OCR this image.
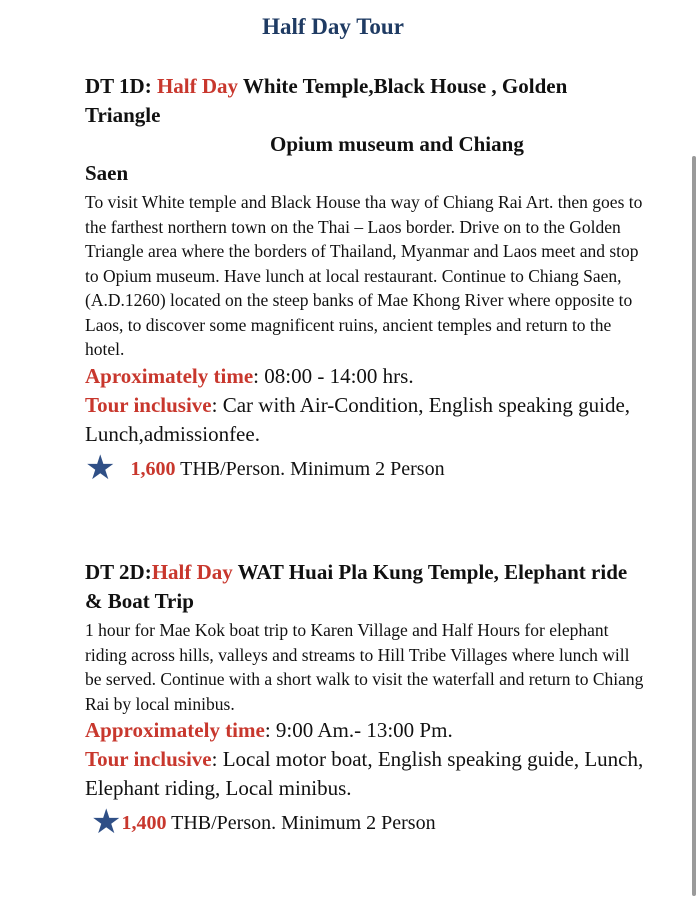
Half Day Tour
DT 1D: Half Day White Temple,Black House , Golden Triangle
Opium museum and Chiang
Saen
To visit White temple and Black House tha way of Chiang Rai Art. then goes to the farthest northern town on the Thai – Laos border. Drive on to the Golden Triangle area where the borders of Thailand, Myanmar and Laos meet and stop to Opium museum. Have lunch at local restaurant. Continue to Chiang Saen, (A.D.1260) located on the steep banks of Mae Khong River where opposite to Laos, to discover some magnificent ruins, ancient temples and return to the hotel.
Aproximately time: 08:00 - 14:00 hrs.
Tour inclusive: Car with Air-Condition, English speaking guide, Lunch,admissionfee.
★ 1,600 THB/Person. Minimum 2 Person
DT 2D:Half Day WAT Huai Pla Kung Temple, Elephant ride & Boat Trip
1 hour for Mae Kok boat trip to Karen Village and Half Hours for elephant riding across hills, valleys and streams to Hill Tribe Villages where lunch will be served. Continue with a short walk to visit the waterfall and return to Chiang Rai by local minibus.
Approximately time: 9:00 Am.- 13:00 Pm.
Tour inclusive: Local motor boat, English speaking guide, Lunch, Elephant riding, Local minibus.
★1,400 THB/Person. Minimum 2 Person
